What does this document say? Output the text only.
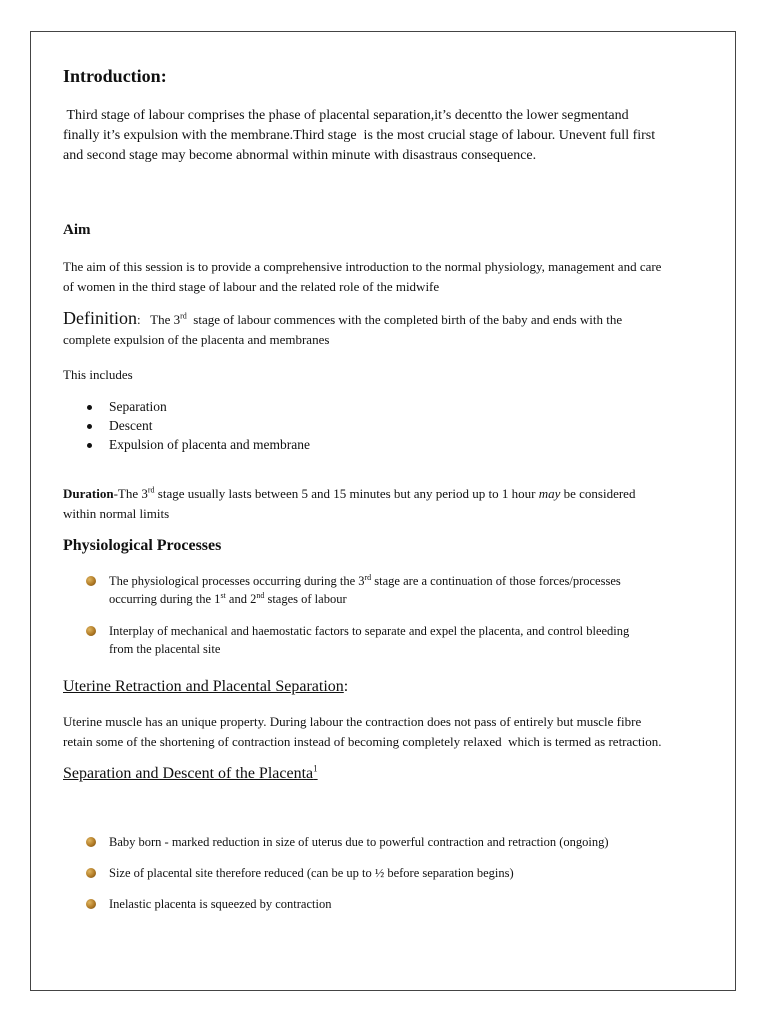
Introduction:
Third stage of labour comprises the phase of placental separation,it’s decentto the lower segmentand
finally it’s expulsion with the membrane.Third stage  is the most crucial stage of labour. Unevent full first
and second stage may become abnormal within minute with disastraus consequence.
Aim
The aim of this session is to provide a comprehensive introduction to the normal physiology, management and care
of women in the third stage of labour and the related role of the midwife
Definition:   The 3rd  stage of labour commences with the completed birth of the baby and ends with the
complete expulsion of the placenta and membranes
This includes
Separation
Descent
Expulsion of placenta and membrane
Duration-The 3rd stage usually lasts between 5 and 15 minutes but any period up to 1 hour may be considered
within normal limits
Physiological Processes
The physiological processes occurring during the 3rd stage are a continuation of those forces/processes
occurring during the 1st and 2nd stages of labour
Interplay of mechanical and haemostatic factors to separate and expel the placenta, and control bleeding
from the placental site
Uterine Retraction and Placental Separation:
Uterine muscle has an unique property. During labour the contraction does not pass of entirely but muscle fibre
retain some of the shortening of contraction instead of becoming completely relaxed  which is termed as retraction.
Separation and Descent of the Placenta$^1$
Baby born - marked reduction in size of uterus due to powerful contraction and retraction (ongoing)
Size of placental site therefore reduced (can be up to ½ before separation begins)
Inelastic placenta is squeezed by contraction
